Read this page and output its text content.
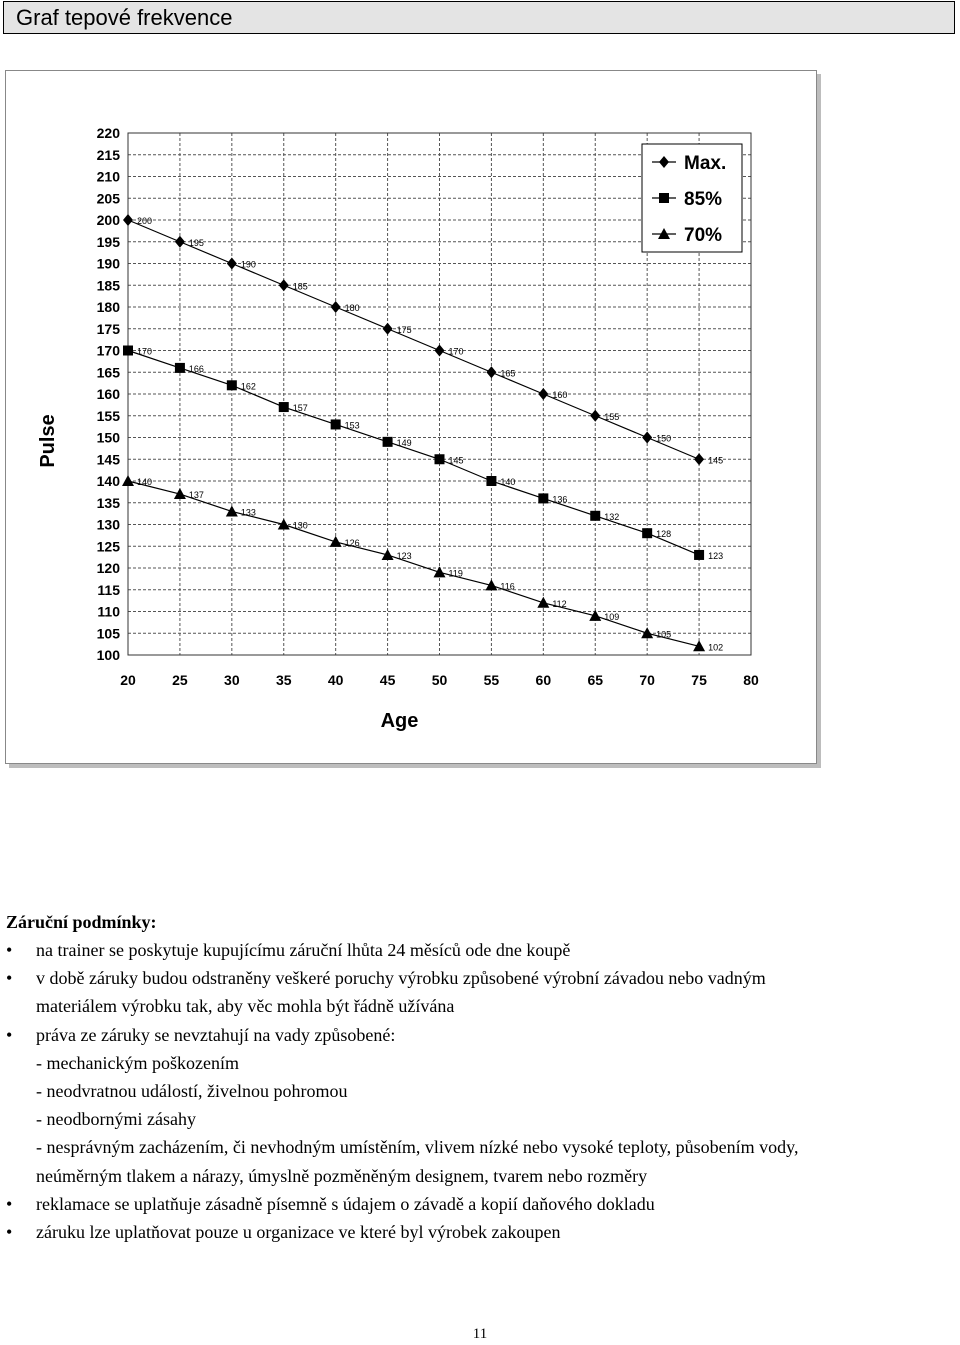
Graf tepové frekvence
100
105
110
115
120
125
130
135
140
145
150
155
160
165
170
175
180
185
190
195
200
205
210
215
220
20	25	30	35	40	45	50	55	60	65	70	75	80
Age
Pulse
200
195
190
185
180
175
170
165
160
155
150
145
170
166
162
157
153
149
145
140
136
132
128
123
140
137
133
130
126
123
119
116
112
109
105
102
Max.
85%
70%
Záruční podmínky:
• na trainer se poskytuje kupujícímu záruční lhůta 24 měsíců ode dne koupě
• v době záruky budou odstraněny veškeré poruchy výrobku způsobené výrobní závadou nebo vadným
materiálem výrobku tak, aby věc mohla být řádně užívána
• práva ze záruky se nevztahují na vady způsobené:
- mechanickým poškozením
- neodvratnou událostí, živelnou pohromou
- neodbornými zásahy
- nesprávným zacházením, či nevhodným umístěním, vlivem nízké nebo vysoké teploty, působením vody,
neúměrným tlakem a nárazy, úmyslně pozměněným designem, tvarem nebo rozměry
• reklamace se uplatňuje zásadně písemně s údajem o závadě a kopií daňového dokladu
• záruku lze uplatňovat pouze u organizace ve které byl výrobek zakoupen
11
